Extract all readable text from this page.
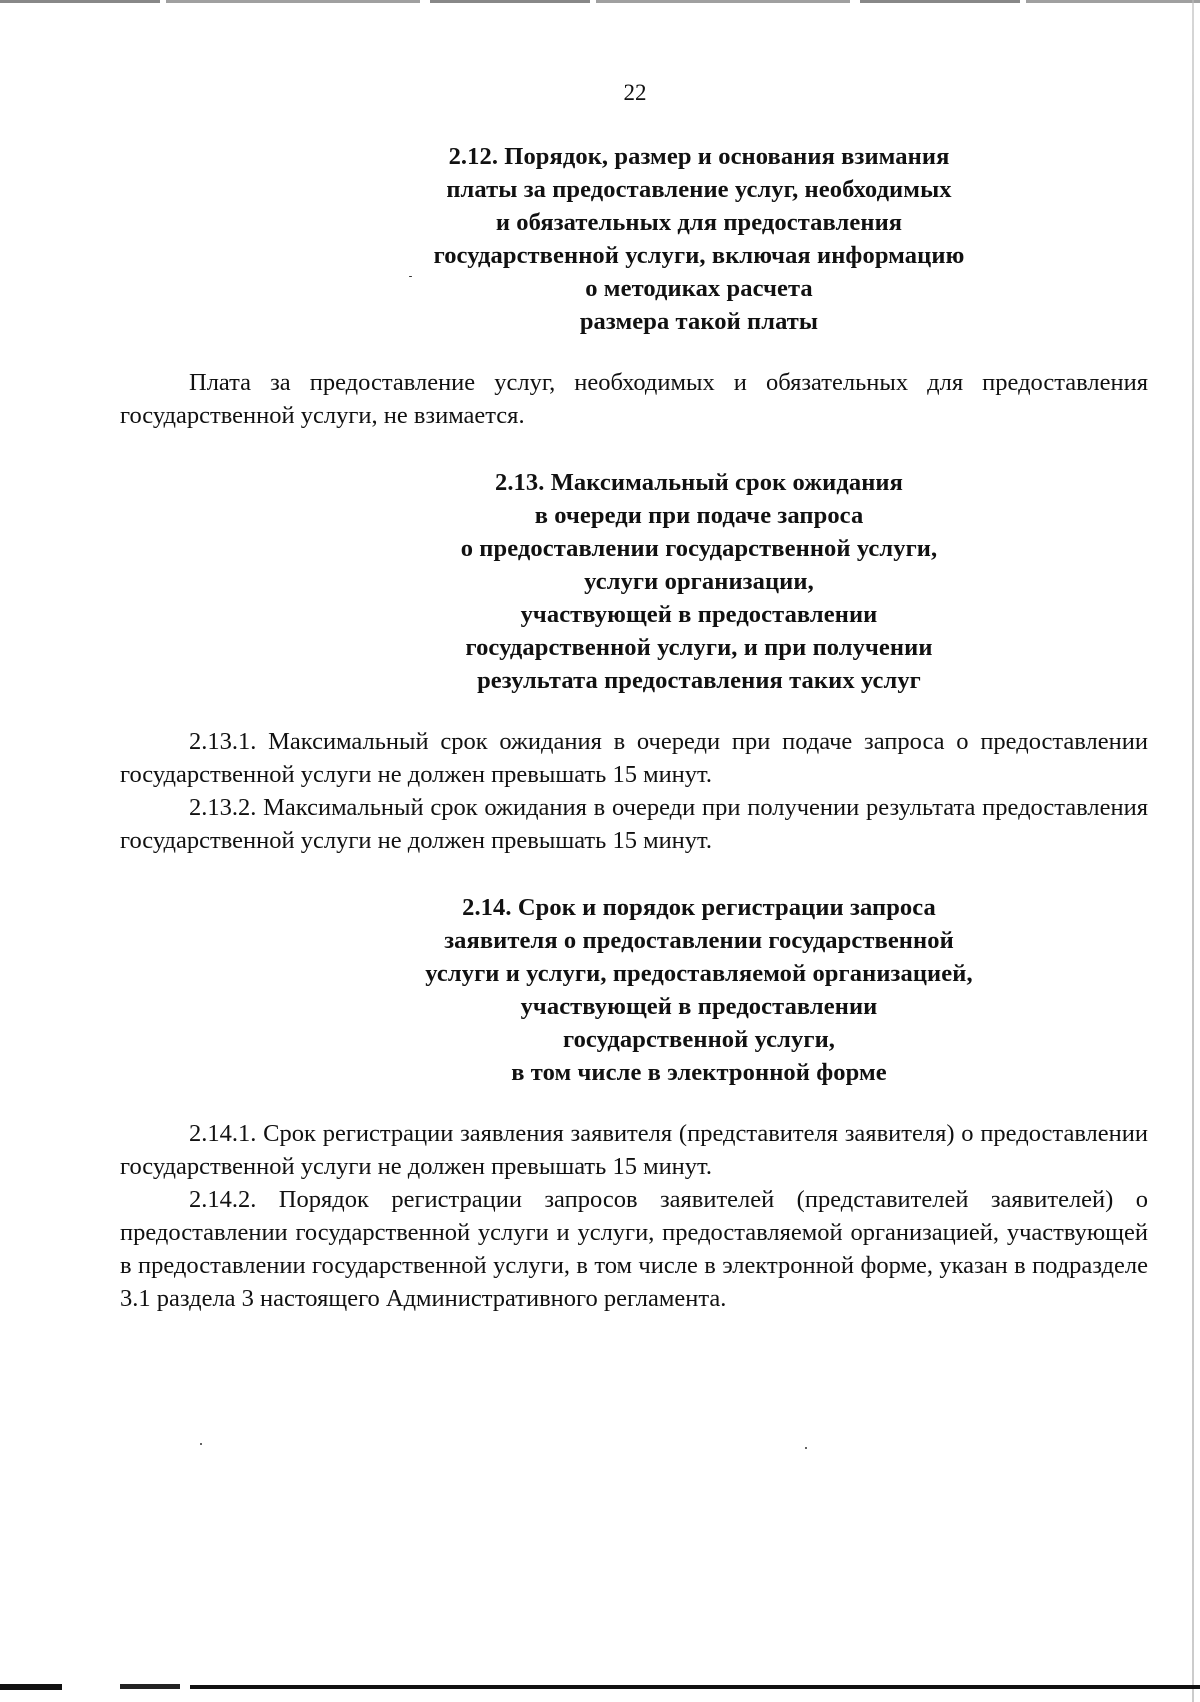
22
2.12. Порядок, размер и основания взимания
платы за предоставление услуг, необходимых
и обязательных для предоставления
государственной услуги, включая информацию
о методиках расчета
размера такой платы

Плата за предоставление услуг, необходимых и обязательных для предоставления государственной услуги, не взимается.

2.13. Максимальный срок ожидания
в очереди при подаче запроса
о предоставлении государственной услуги,
услуги организации,
участвующей в предоставлении
государственной услуги, и при получении
результата предоставления таких услуг

2.13.1. Максимальный срок ожидания в очереди при подаче запроса о предоставлении государственной услуги не должен превышать 15 минут.

2.13.2. Максимальный срок ожидания в очереди при получении результата предоставления государственной услуги не должен превышать 15 минут.

2.14. Срок и порядок регистрации запроса
заявителя о предоставлении государственной
услуги и услуги, предоставляемой организацией,
участвующей в предоставлении
государственной услуги,
в том числе в электронной форме

2.14.1. Срок регистрации заявления заявителя (представителя заявителя) о предоставлении государственной услуги не должен превышать 15 минут.

2.14.2. Порядок регистрации запросов заявителей (представителей заявителей) о предоставлении государственной услуги и услуги, предоставляемой организацией, участвующей в предоставлении государственной услуги, в том числе в электронной форме, указан в подразделе 3.1 раздела 3 настоящего Административного регламента.
